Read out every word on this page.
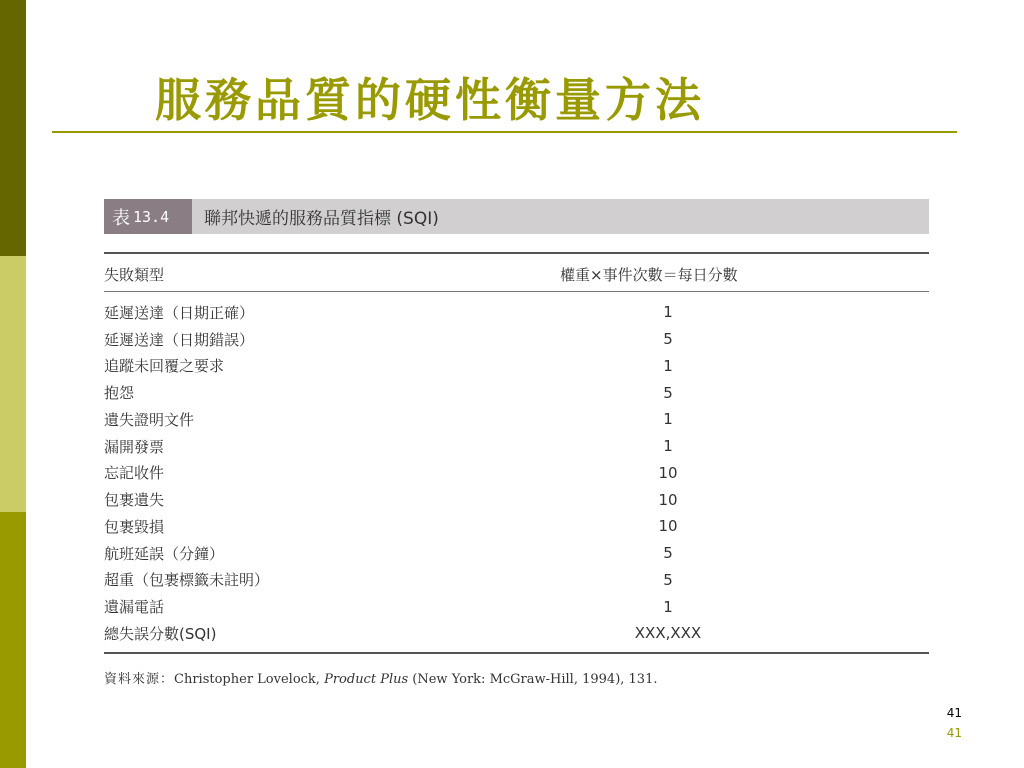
服務品質的硬性衡量方法
表 13.4 聯邦快遞的服務品質指標 (SQI)
失敗類型	權重×事件次數＝每日分數
延遲送達（日期正確）	1
延遲送達（日期錯誤）	5
追蹤未回覆之要求	1
抱怨	5
遺失證明文件	1
漏開發票	1
忘記收件	10
包裹遺失	10
包裹毀損	10
航班延誤（分鐘）	5
超重（包裹標籤未註明）	5
遺漏電話	1
總失誤分數(SQI)	XXX,XXX
資料來源：Christopher Lovelock, Product Plus (New York: McGraw-Hill, 1994), 131.
41
41
